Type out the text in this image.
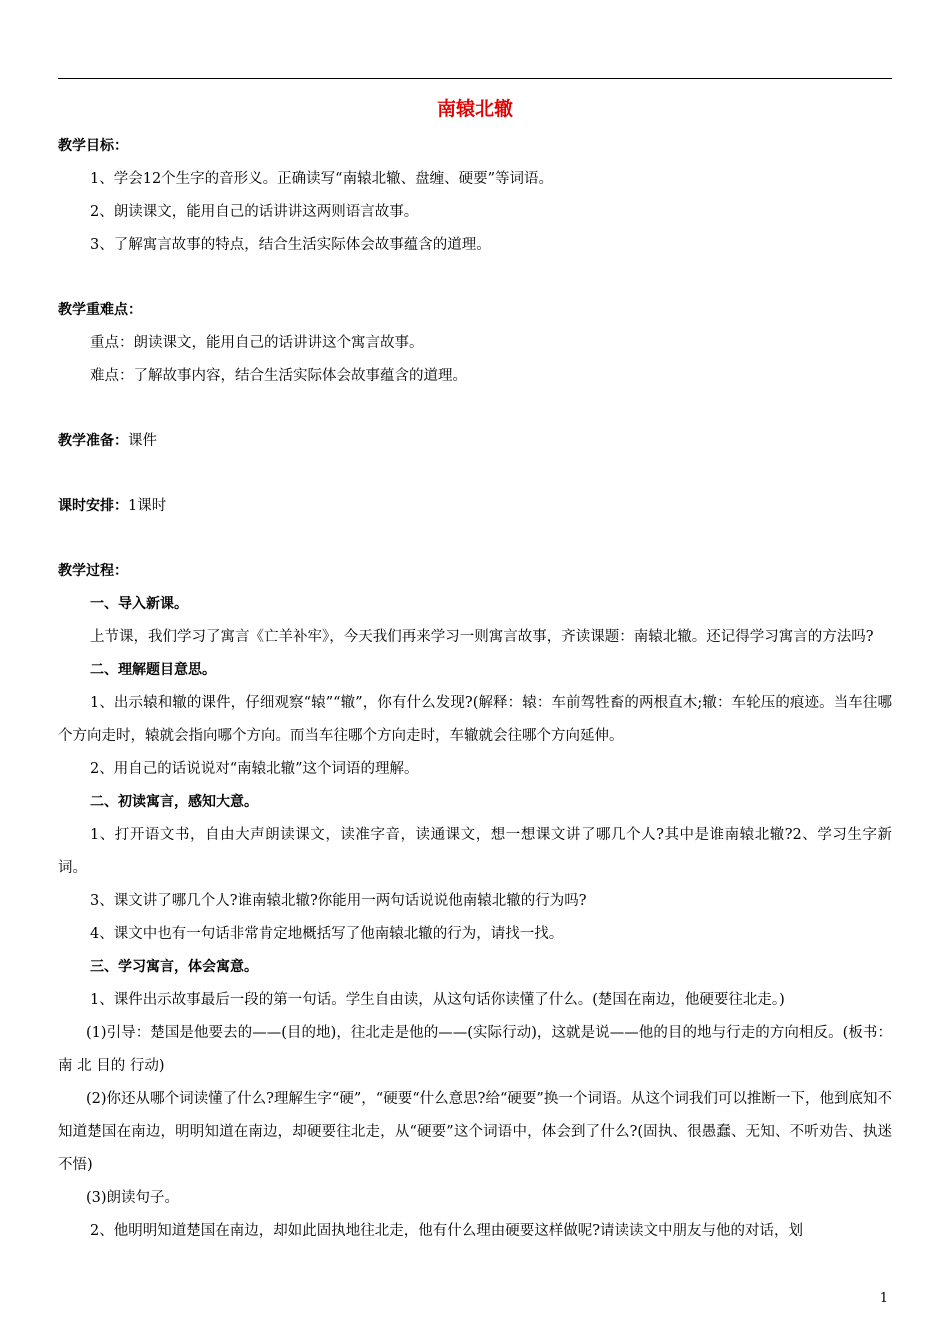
南辕北辙

教学目标：

1、学会12个生字的音形义。正确读写“南辕北辙、盘缠、硬要”等词语。

2、朗读课文，能用自己的话讲讲这两则语言故事。

3、了解寓言故事的特点，结合生活实际体会故事蕴含的道理。

教学重难点：

重点：朗读课文，能用自己的话讲讲这个寓言故事。

难点：了解故事内容，结合生活实际体会故事蕴含的道理。

教学准备：课件

课时安排：1课时

教学过程：

一、导入新课。

上节课，我们学习了寓言《亡羊补牢》，今天我们再来学习一则寓言故事，齐读课题：南辕北辙。还记得学习寓言的方法吗?

二、理解题目意思。

1、出示辕和辙的课件，仔细观察“辕”“辙”，你有什么发现?(解释：辕：车前驾牲畜的两根直木;辙：车轮压的痕迹。当车往哪个方向走时，辕就会指向哪个方向。而当车往哪个方向走时，车辙就会往哪个方向延伸。

2、用自己的话说说对“南辕北辙”这个词语的理解。

二、初读寓言，感知大意。

1、打开语文书，自由大声朗读课文，读准字音，读通课文，想一想课文讲了哪几个人?其中是谁南辕北辙?2、学习生字新词。

3、课文讲了哪几个人?谁南辕北辙?你能用一两句话说说他南辕北辙的行为吗?

4、课文中也有一句话非常肯定地概括写了他南辕北辙的行为，请找一找。

三、学习寓言，体会寓意。

1、课件出示故事最后一段的第一句话。学生自由读，从这句话你读懂了什么。(楚国在南边，他硬要往北走。)

(1)引导：楚国是他要去的——(目的地)，往北走是他的——(实际行动)，这就是说——他的目的地与行走的方向相反。(板书：南 北 目的 行动)

(2)你还从哪个词读懂了什么?理解生字“硬”，“硬要“什么意思?给“硬要”换一个词语。从这个词我们可以推断一下，他到底知不知道楚国在南边，明明知道在南边，却硬要往北走，从“硬要”这个词语中，体会到了什么?(固执、很愚蠢、无知、不听劝告、执迷不悟)

(3)朗读句子。

2、他明明知道楚国在南边，却如此固执地往北走，他有什么理由硬要这样做呢?请读读文中朋友与他的对话，划

1
